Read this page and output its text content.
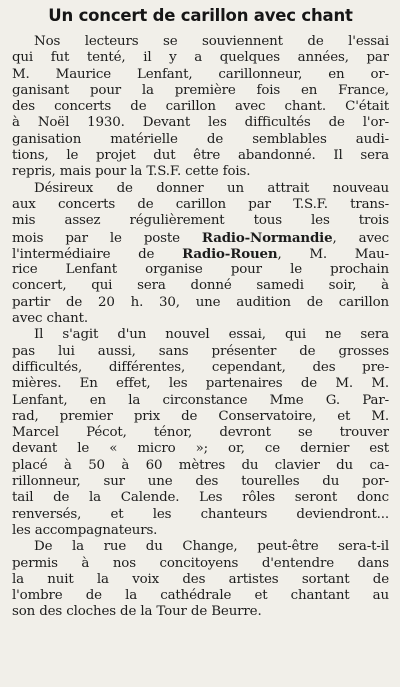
Un concert de carillon avec chant

Nos lecteurs se souviennent de l'essai
qui fut tenté, il y a quelques années, par
M. Maurice Lenfant, carillonneur, en or-
ganisant pour la première fois en France,
des concerts de carillon avec chant. C'était
à Noël 1930. Devant les difficultés de l'or-
ganisation matérielle de semblables audi-
tions, le projet dut être abandonné. Il sera
repris, mais pour la T.S.F. cette fois.

Désireux de donner un attrait nouveau
aux concerts de carillon par T.S.F. trans-
mis assez régulièrement tous les trois
mois par le poste Radio-Normandie, avec
l'intermédiaire de Radio-Rouen, M. Mau-
rice Lenfant organise pour le prochain
concert, qui sera donné samedi soir, à
partir de 20 h. 30, une audition de carillon
avec chant.

Il s'agit d'un nouvel essai, qui ne sera
pas lui aussi, sans présenter de grosses
difficultés, différentes, cependant, des pre-
mières. En effet, les partenaires de M. M.
Lenfant, en la circonstance Mme G. Par-
rad, premier prix de Conservatoire, et M.
Marcel Pécot, ténor, devront se trouver
devant le « micro »; or, ce dernier est
placé à 50 à 60 mètres du clavier du ca-
rillonneur, sur une des tourelles du por-
tail de la Calende. Les rôles seront donc
renversés, et les chanteurs deviendront...
les accompagnateurs.

De la rue du Change, peut-être sera-t-il
permis à nos concitoyens d'entendre dans
la nuit la voix des artistes sortant de
l'ombre de la cathédrale et chantant au
son des cloches de la Tour de Beurre.
